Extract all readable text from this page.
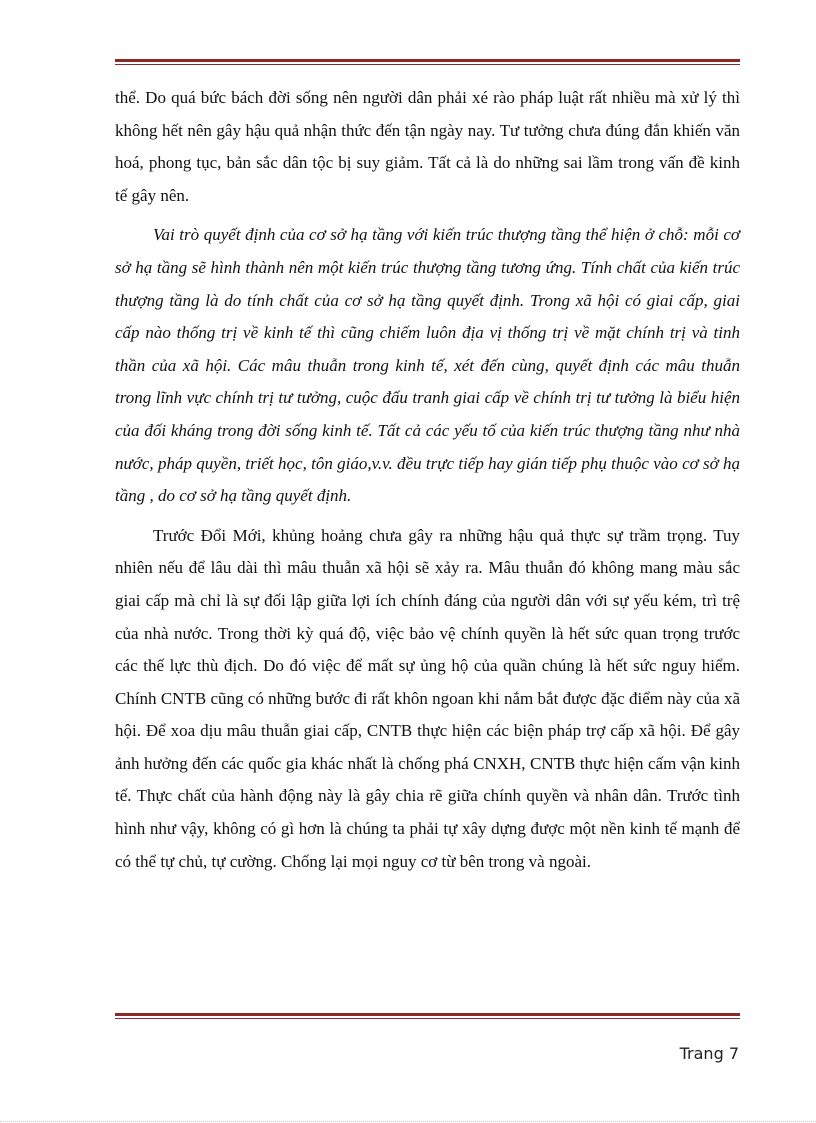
thể. Do quá bức bách đời sống nên người dân phải xé rào pháp luật rất nhiều mà xử lý thì không hết nên gây hậu quả nhận thức đến tận ngày nay. Tư tưởng chưa đúng đắn khiến văn hoá, phong tục, bản sắc dân tộc bị suy giảm. Tất cả là do những sai lầm trong vấn đề kinh tế gây nên.

Vai trò quyết định của cơ sở hạ tầng với kiến trúc thượng tầng thể hiện ở chỗ: mỗi cơ sở hạ tầng sẽ hình thành nên một kiến trúc thượng tầng tương ứng. Tính chất của kiến trúc thượng tầng là do tính chất của cơ sở hạ tầng quyết định. Trong xã hội có giai cấp, giai cấp nào thống trị về kinh tế thì cũng chiếm luôn địa vị thống trị về mặt chính trị và tinh thần của xã hội. Các mâu thuẫn trong kinh tế, xét đến cùng, quyết định các mâu thuẫn trong lĩnh vực chính trị tư tưởng, cuộc đấu tranh giai cấp về chính trị tư tưởng là biểu hiện của đối kháng trong đời sống kinh tế. Tất cả các yếu tố của kiến trúc thượng tầng như nhà nước, pháp quyền, triết học, tôn giáo,v.v. đều trực tiếp hay gián tiếp phụ thuộc vào cơ sở hạ tầng , do cơ sở hạ tầng quyết định.

Trước Đổi Mới, khủng hoảng chưa gây ra những hậu quả thực sự trầm trọng. Tuy nhiên nếu để lâu dài thì mâu thuẫn xã hội sẽ xảy ra. Mâu thuẫn đó không mang màu sắc giai cấp mà chỉ là sự đối lập giữa lợi ích chính đáng của người dân với sự yếu kém, trì trệ của nhà nước. Trong thời kỳ quá độ, việc bảo vệ chính quyền là hết sức quan trọng trước các thế lực thù địch. Do đó việc để mất sự ủng hộ của quần chúng là hết sức nguy hiểm. Chính CNTB cũng có những bước đi rất khôn ngoan khi nắm bắt được đặc điểm này của xã hội. Để xoa dịu mâu thuẫn giai cấp, CNTB thực hiện các biện pháp trợ cấp xã hội. Để gây ảnh hưởng đến các quốc gia khác nhất là chống phá CNXH, CNTB thực hiện cấm vận kinh tế. Thực chất của hành động này là gây chia rẽ giữa chính quyền và nhân dân. Trước tình hình như vậy, không có gì hơn là chúng ta phải tự xây dựng được một nền kinh tế mạnh để có thể tự chủ, tự cường. Chống lại mọi nguy cơ từ bên trong và ngoài.

Trang 7
